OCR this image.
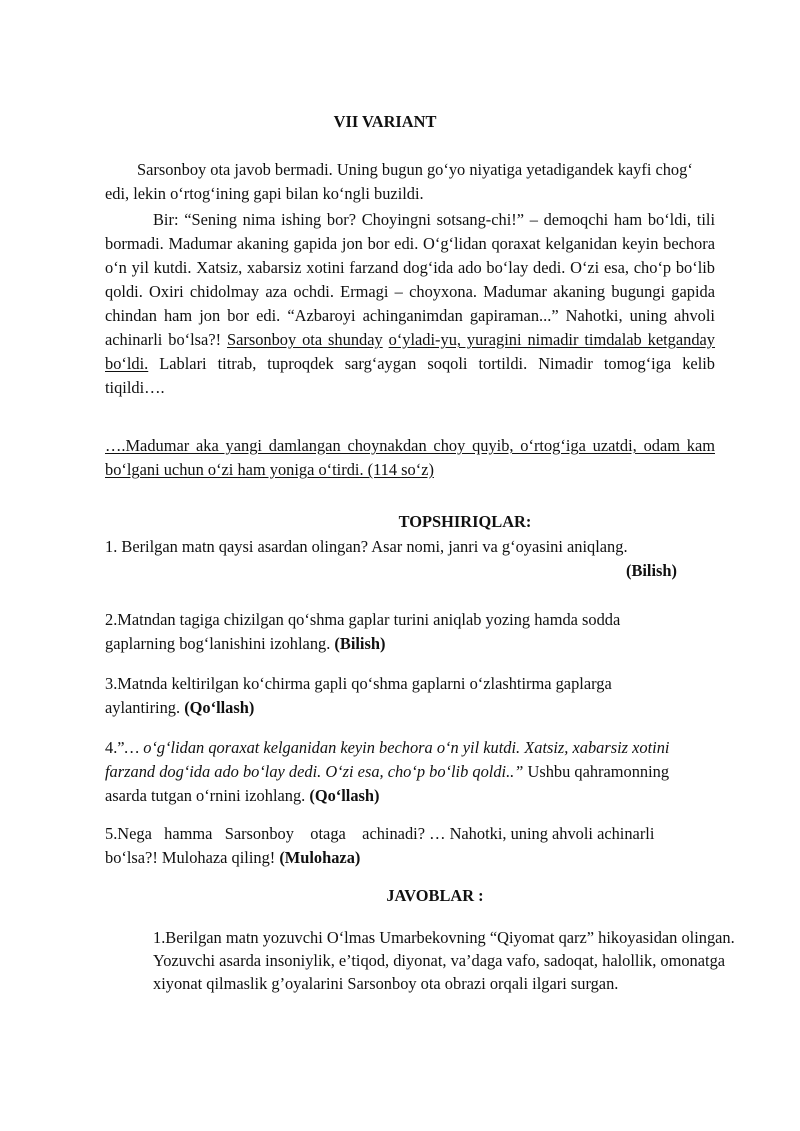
VII VARIANT

Sarsonboy ota javob bermadi. Uning bugun go‘yo niyatiga yetadigandek kayfi chog‘ edi, lekin o‘rtog‘ining gapi bilan ko‘ngli buzildi.

Bir: “Sening nima ishing bor? Choyingni sotsang-chi!” – demoqchi ham bo‘ldi, tili bormadi. Madumar akaning gapida jon bor edi. O‘g‘lidan qoraxat kelganidan keyin bechora o‘n yil kutdi. Xatsiz, xabarsiz xotini farzand dog‘ida ado bo‘lay dedi. O‘zi esa, cho‘p bo‘lib qoldi. Oxiri chidolmay aza ochdi. Ermagi – choyxona. Madumar akaning bugungi gapida chindan ham jon bor edi. “Azbaroyi achinganimdan gapiraman...” Nahotki, uning ahvoli achinarli bo‘lsa?! Sarsonboy ota shunday o‘yladi-yu, yuragini nimadir timdalab ketganday bo‘ldi. Lablari titrab, tuproqdek sarg‘aygan soqoli tortildi. Nimadir tomog‘iga kelib tiqildi….

….Madumar aka yangi damlangan choynakdan choy quyib, o‘rtog‘iga uzatdi, odam kam bo‘lgani uchun o‘zi ham yoniga o‘tirdi. (114 so‘z)

TOPSHIRIQLAR:

1. Berilgan matn qaysi asardan olingan? Asar nomi, janri va g‘oyasini aniqlang.

(Bilish)

2.Matndan tagiga chizilgan qo‘shma gaplar turini aniqlab yozing hamda sodda gaplarning bog‘lanishini izohlang. (Bilish)

3.Matnda keltirilgan ko‘chirma gapli qo‘shma gaplarni o‘zlashtirma gaplarga aylantiring. (Qo‘llash)

4.”… o‘g‘lidan qoraxat kelganidan keyin bechora o‘n yil kutdi. Xatsiz, xabarsiz xotini farzand dog‘ida ado bo‘lay dedi. O‘zi esa, cho‘p bo‘lib qoldi..” Ushbu qahramonning asarda tutgan o‘rnini izohlang. (Qo‘llash)

5.Nega   hamma   Sarsonboy    otaga    achinadi? … Nahotki, uning ahvoli achinarli     bo‘lsa?! Mulohaza qiling! (Mulohaza)

JAVOBLAR :

1.Berilgan matn yozuvchi O‘lmas Umarbekovning “Qiyomat qarz” hikoyasidan olingan. Yozuvchi asarda insoniylik, e’tiqod, diyonat, va’daga vafo, sadoqat, halollik, omonatga xiyonat qilmaslik g’oyalarini Sarsonboy ota obrazi orqali ilgari surgan.
